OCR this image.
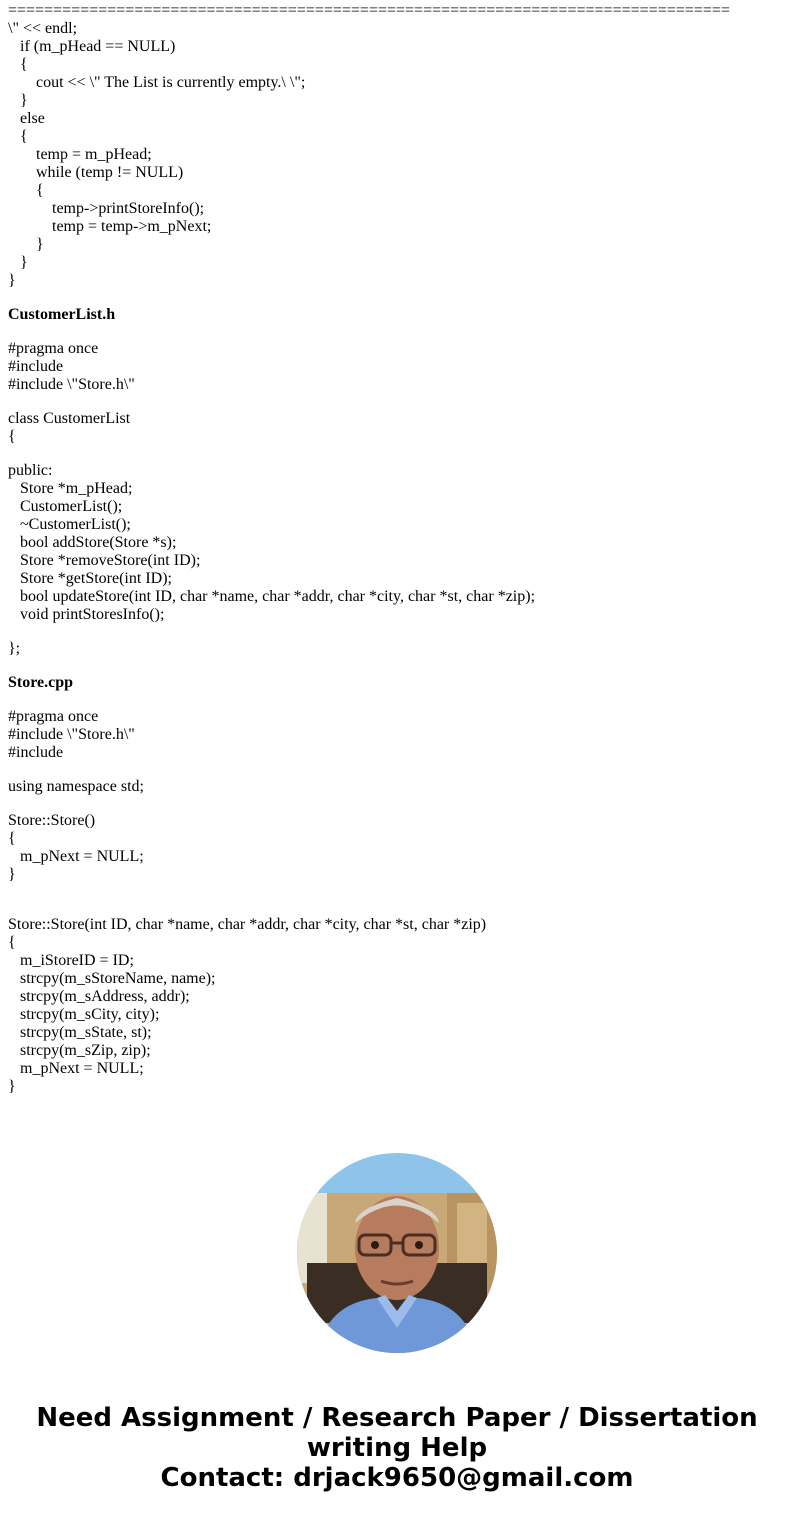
================================================================================
\" << endl;
if (m_pHead == NULL)
{
cout << \" The List is currently empty.\ \";
}
else
{
temp = m_pHead;
while (temp != NULL)
{
temp->printStoreInfo();
temp = temp->m_pNext;
}
}
}
CustomerList.h
#pragma once
#include
#include \"Store.h\"
class CustomerList
{
public:
Store *m_pHead;
CustomerList();
~CustomerList();
bool addStore(Store *s);
Store *removeStore(int ID);
Store *getStore(int ID);
bool updateStore(int ID, char *name, char *addr, char *city, char *st, char *zip);
void printStoresInfo();
};
Store.cpp
#pragma once
#include \"Store.h\"
#include
using namespace std;
Store::Store()
{
m_pNext = NULL;
}
Store::Store(int ID, char *name, char *addr, char *city, char *st, char *zip)
{
m_iStoreID = ID;
strcpy(m_sStoreName, name);
strcpy(m_sAddress, addr);
strcpy(m_sCity, city);
strcpy(m_sState, st);
strcpy(m_sZip, zip);
m_pNext = NULL;
}
Need Assignment / Research Paper / Dissertation
writing Help
Contact: drjack9650@gmail.com
